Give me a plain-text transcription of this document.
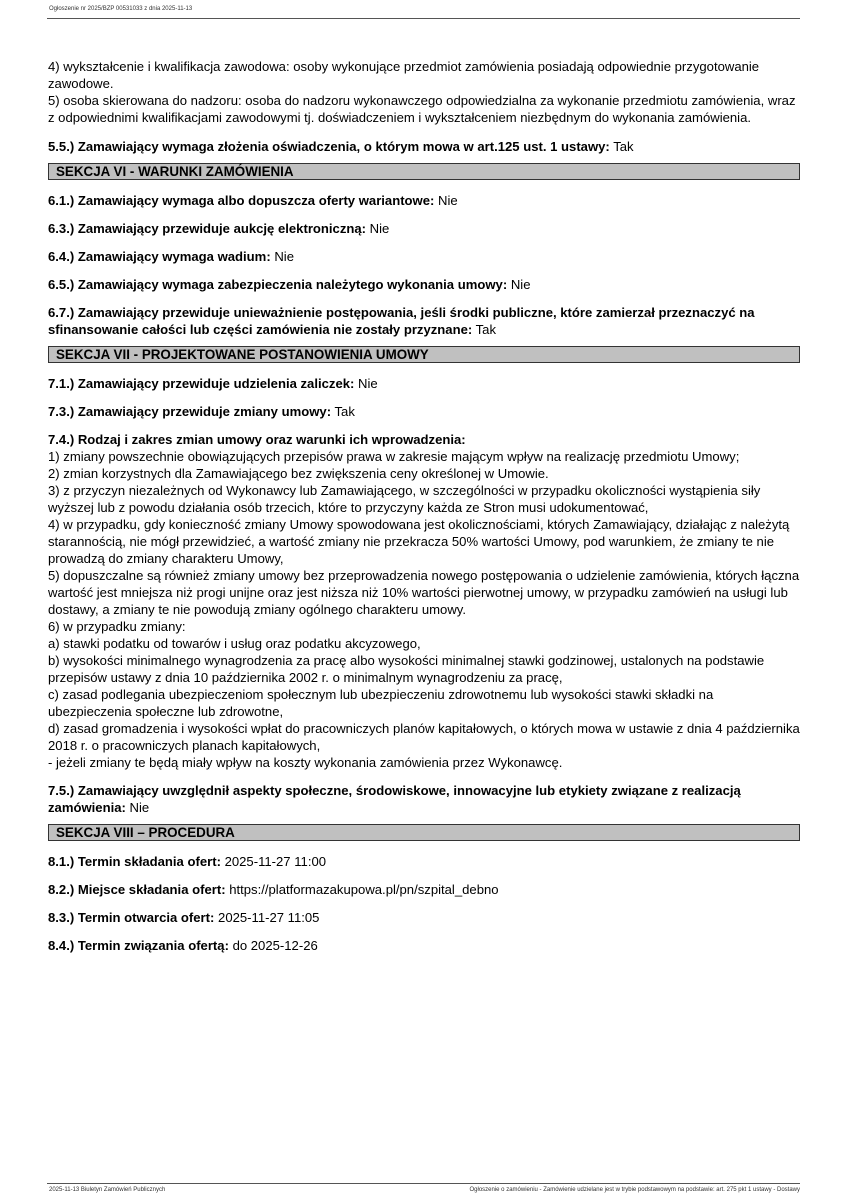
Ogłoszenie nr 2025/BZP 00531033 z dnia 2025-11-13

4) wykształcenie i kwalifikacja zawodowa: osoby wykonujące przedmiot zamówienia posiadają odpowiednie przygotowanie zawodowe.

5) osoba skierowana do nadzoru: osoba do nadzoru wykonawczego odpowiedzialna za wykonanie przedmiotu zamówienia, wraz z odpowiednimi kwalifikacjami zawodowymi tj. doświadczeniem i wykształceniem niezbędnym do wykonania zamówienia.

5.5.) Zamawiający wymaga złożenia oświadczenia, o którym mowa w art.125 ust. 1 ustawy: Tak

SEKCJA VI - WARUNKI ZAMÓWIENIA

6.1.) Zamawiający wymaga albo dopuszcza oferty wariantowe: Nie

6.3.) Zamawiający przewiduje aukcję elektroniczną: Nie

6.4.) Zamawiający wymaga wadium: Nie

6.5.) Zamawiający wymaga zabezpieczenia należytego wykonania umowy: Nie

6.7.) Zamawiający przewiduje unieważnienie postępowania, jeśli środki publiczne, które zamierzał przeznaczyć na sfinansowanie całości lub części zamówienia nie zostały przyznane: Tak

SEKCJA VII - PROJEKTOWANE POSTANOWIENIA UMOWY

7.1.) Zamawiający przewiduje udzielenia zaliczek: Nie

7.3.) Zamawiający przewiduje zmiany umowy: Tak

7.4.) Rodzaj i zakres zmian umowy oraz warunki ich wprowadzenia:

1) zmiany powszechnie obowiązujących przepisów prawa w zakresie mającym wpływ na realizację przedmiotu Umowy;

2) zmian korzystnych dla Zamawiającego bez zwiększenia ceny określonej w Umowie.

3) z przyczyn niezależnych od Wykonawcy lub Zamawiającego, w szczególności w przypadku okoliczności wystąpienia siły wyższej lub z powodu działania osób trzecich, które to przyczyny każda ze Stron musi udokumentować,

4) w przypadku, gdy konieczność zmiany Umowy spowodowana jest okolicznościami, których Zamawiający, działając z należytą starannością, nie mógł przewidzieć, a wartość zmiany nie przekracza 50% wartości Umowy, pod warunkiem, że zmiany te nie prowadzą do zmiany charakteru Umowy,

5) dopuszczalne są również zmiany umowy bez przeprowadzenia nowego postępowania o udzielenie zamówienia, których łączna wartość jest mniejsza niż progi unijne oraz jest niższa niż 10% wartości pierwotnej umowy, w przypadku zamówień na usługi lub dostawy, a zmiany te nie powodują zmiany ogólnego charakteru umowy.

6) w przypadku zmiany:

a) stawki podatku od towarów i usług oraz podatku akcyzowego,

b) wysokości minimalnego wynagrodzenia za pracę albo wysokości minimalnej stawki godzinowej, ustalonych na podstawie przepisów ustawy z dnia 10 października 2002 r. o minimalnym wynagrodzeniu za pracę,

c) zasad podlegania ubezpieczeniom społecznym lub ubezpieczeniu zdrowotnemu lub wysokości stawki składki na ubezpieczenia społeczne lub zdrowotne,

d) zasad gromadzenia i wysokości wpłat do pracowniczych planów kapitałowych, o których mowa w ustawie z dnia 4 października 2018 r. o pracowniczych planach kapitałowych,

- jeżeli zmiany te będą miały wpływ na koszty wykonania zamówienia przez Wykonawcę.

7.5.) Zamawiający uwzględnił aspekty społeczne, środowiskowe, innowacyjne lub etykiety związane z realizacją zamówienia: Nie

SEKCJA VIII – PROCEDURA

8.1.) Termin składania ofert: 2025-11-27 11:00

8.2.) Miejsce składania ofert: https://platformazakupowa.pl/pn/szpital_debno

8.3.) Termin otwarcia ofert: 2025-11-27 11:05

8.4.) Termin związania ofertą: do 2025-12-26

2025-11-13 Biuletyn Zamówień Publicznych	Ogłoszenie o zamówieniu - Zamówienie udzielane jest w trybie podstawowym na podstawie: art. 275 pkt 1 ustawy - Dostawy
